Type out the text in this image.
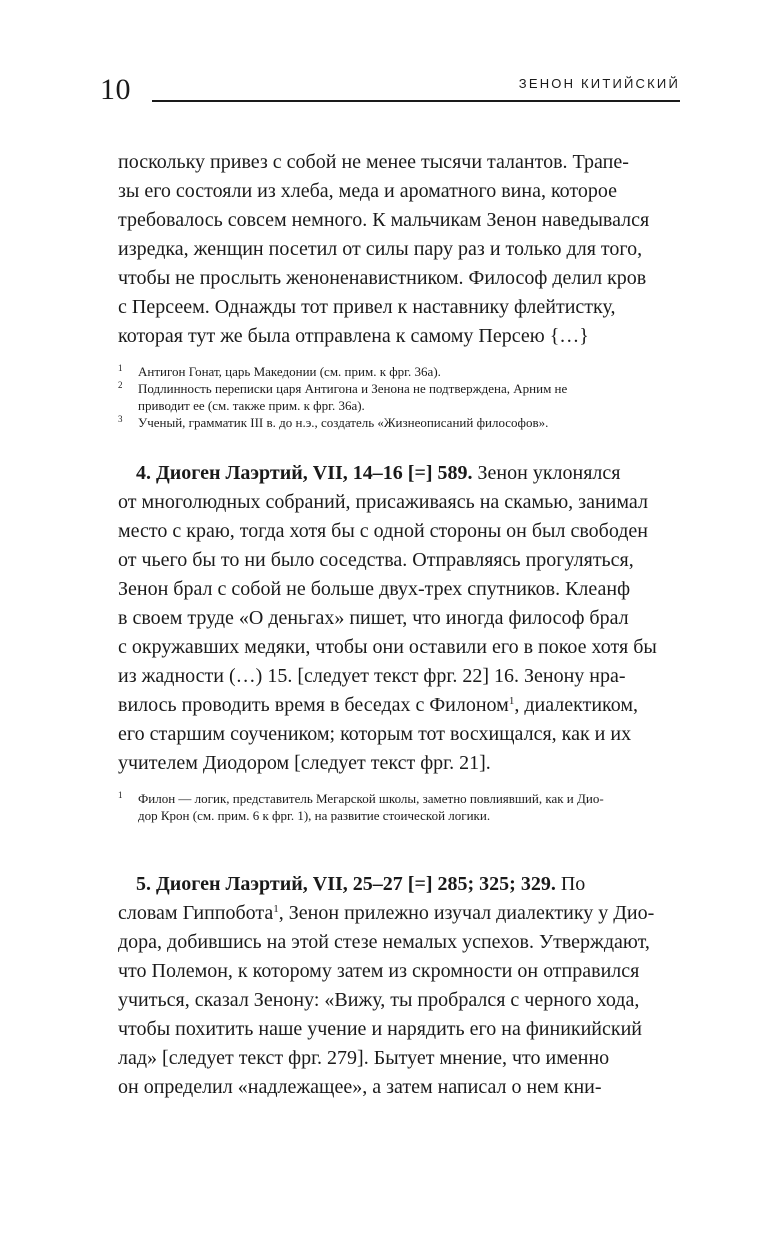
10	ЗЕНОН КИТИЙСКИЙ
поскольку привез с собой не менее тысячи талантов. Трапе-
зы его состояли из хлеба, меда и ароматного вина, которое
требовалось совсем немного. К мальчикам Зенон наведывался
изредка, женщин посетил от силы пару раз и только для того,
чтобы не прослыть женоненавистником. Философ делил кров
с Персеем. Однажды тот привел к наставнику флейтистку,
которая тут же была отправлена к самому Персею {…}
1 Антигон Гонат, царь Македонии (см. прим. к фрг. 36а).
2 Подлинность переписки царя Антигона и Зенона не подтверждена, Арним не
приводит ее (см. также прим. к фрг. 36а).
3 Ученый, грамматик III в. до н.э., создатель «Жизнеописаний философов».
4. Диоген Лаэртий, VII, 14–16 [=] 589. Зенон уклонялся
от многолюдных собраний, присаживаясь на скамью, занимал
место с краю, тогда хотя бы с одной стороны он был свободен
от чьего бы то ни было соседства. Отправляясь прогуляться,
Зенон брал с собой не больше двух-трех спутников. Клеанф
в своем труде «О деньгах» пишет, что иногда философ брал
с окружавших медяки, чтобы они оставили его в покое хотя бы
из жадности (…) 15. [следует текст фрг. 22] 16. Зенону нра-
вилось проводить время в беседах с Филоном$^1$, диалектиком,
его старшим соучеником; которым тот восхищался, как и их
учителем Диодором [следует текст фрг. 21].
1 Филон — логик, представитель Мегарской школы, заметно повлиявший, как и Дио-
дор Крон (см. прим. 6 к фрг. 1), на развитие стоической логики.
5. Диоген Лаэртий, VII, 25–27 [=] 285; 325; 329. По
словам Гиппобота$^1$, Зенон прилежно изучал диалектику у Дио-
дора, добившись на этой стезе немалых успехов. Утверждают,
что Полемон, к которому затем из скромности он отправился
учиться, сказал Зенону: «Вижу, ты пробрался с черного хода,
чтобы похитить наше учение и нарядить его на финикийский
лад» [следует текст фрг. 279]. Бытует мнение, что именно
он определил «надлежащее», а затем написал о нем кни-
